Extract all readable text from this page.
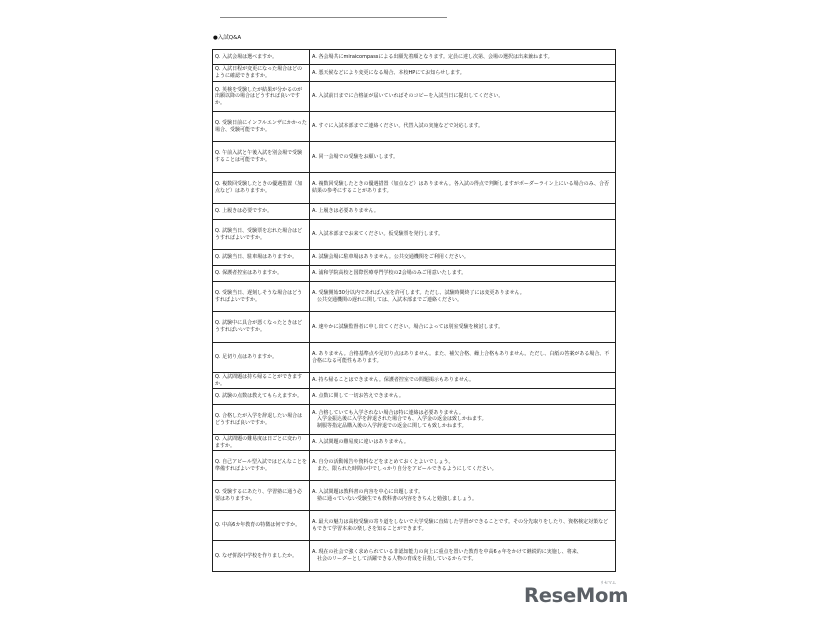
●入試Q&A
Q. 入試会場は選べますか。	A. 各会場共にmiraicompassによる出願先着順となります。定員に達し次第、会場の選択は出来兼ねます。

Q. 入試日程が変更になった場合はどのように確認できますか。	A. 悪天候などにより変更になる場合、本校HPにてお知らせします。

Q. 英検を受験したが結果が分かるのが出願以降の場合はどうすれば良いですか。	A. 入試前日までに合格証が届いていればそのコピーを入試当日に提出してください。

Q. 受験日前にインフルエンザにかかった場合、受験可能ですか。	A. すぐに入試本部までご連絡ください。代替入試の実施などで対応します。

Q. 午前入試と午後入試を別会場で受験することは可能ですか。	A. 同一会場での受験をお願いします。

Q. 複数回受験したときの優遇措置（加点など）はありますか。	A. 複数回受験したときの優遇措置（加点など）はありません。各入試の得点で判断しますがボーダーライン上にいる場合のみ、合否結果の参考にすることがあります。

Q. 上履きは必要ですか。	A. 上履きは必要ありません。

Q. 試験当日、受験票を忘れた場合はどうすればよいですか。	A. 入試本部までお来てください。仮受験票を発行します。

Q. 試験当日、駐車場はありますか。	A. 試験会場に駐車場はありません。公共交通機関をご利用ください。

Q. 保護者控室はありますか。	A. 浦和学院高校と国際医療専門学校の2会場のみご用意いたします。

Q. 受験当日、遅刻しそうな場合はどうすればよいですか。	A. 受験開始30分以内であれば入室を許可します。ただし、試験時間終了には変更ありません。
　公共交通機関の遅れに関しては、入試本部までご連絡ください。

Q. 試験中に具合が悪くなったときはどうすればいいですか。	A. 速やかに試験監督者に申し出てください。場合によっては別室受験を検討します。

Q. 足切り点はありますか。	A. ありません。合格基準点や足切り点はありません。また、補欠合格、繰上合格もありません。ただし、白紙の答案がある場合、不合格になる可能性もあります。

Q. 入試問題は持ち帰ることができますか。	A. 持ち帰ることはできません。保護者控室での問題掲示もありません。

Q. 試験の点数は教えてもらえますか。	A. 点数に関して一切お答えできません。

Q. 合格したが入学を辞退したい場合はどうすれば良いですか。	A. 合格していても入学されない場合は特に連絡は必要ありません。
　入学金振込後に入学を辞退された場合でも、入学金の返金は致しかねます。
　制服等指定品購入後の入学辞退での返金に関しても致しかねます。

Q. 入試問題の難易度は日ごとに変わりますか。	A. 入試問題の難易度に違いはありません。

Q. 自己アピール型入試ではどんなことを準備すればよいですか。	A. 自分の活動報告や資料などをまとめておくとよいでしょう。
　また、限られた時間の中でしっかり自分をアピールできるようにしてください。

Q. 受験するにあたり、学習塾に通う必要はありますか。	A. 入試問題は教科書の内容を中心に出題します。
　塾に通っていない受験生でも教科書の内容をきちんと勉強しましょう。

Q. 中高6カ年教育の特徴は何ですか。	A. 最大の魅力は高校受験の寄り道をしないで大学受験に直結した学習ができることです。その分先取りをしたり、資格検定対策などもできて学習本来の楽しさを知ることができます。

Q. なぜ併設中学校を作りましたか。	A. 現在の社会で強く求められている非認知能力の向上に重点を置いた教育を中高6ヵ年をかけて継続的に実施し、将来、
　社会のリーダーとして活躍できる人物の育成を目指しているからです。
ReseMom
リセマム
